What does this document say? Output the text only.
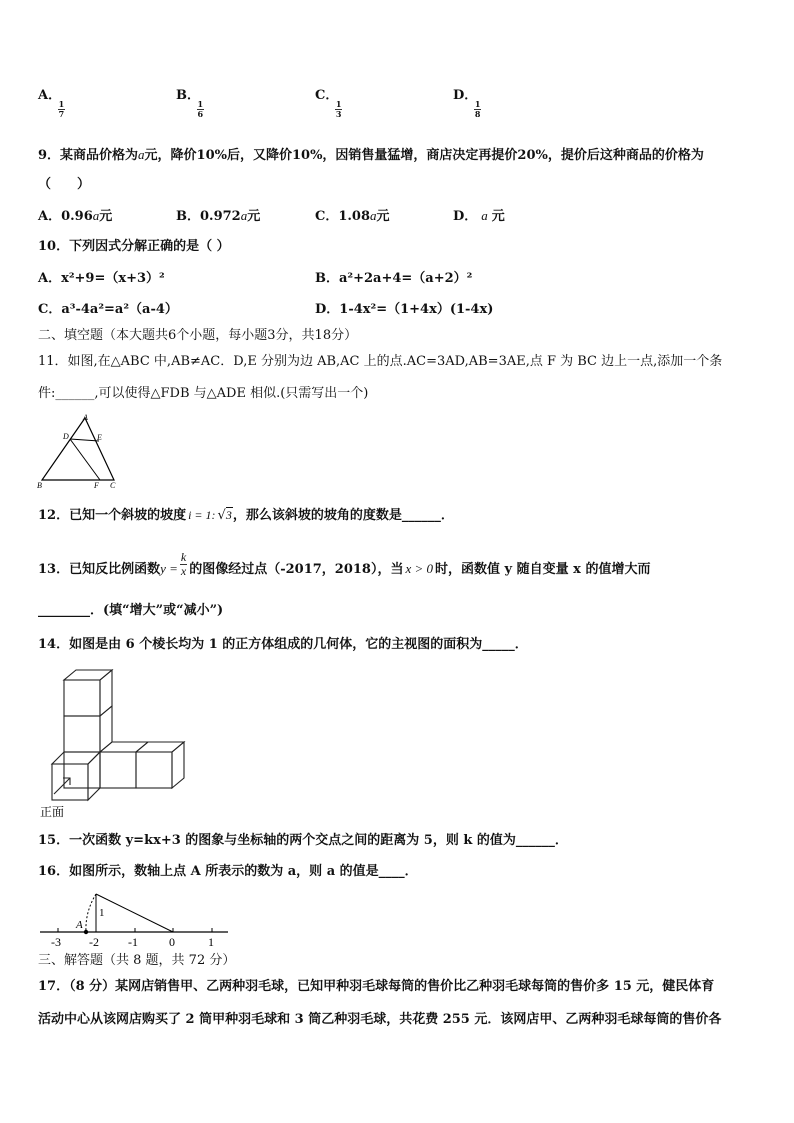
A．
$\frac{1}{7}$
B．
$\frac{1}{6}$
C．
$\frac{1}{3}$
D．
$\frac{1}{8}$
9．某商品价格为a元，降价10%后，又降价10%，因销售量猛增，商店决定再提价20%，提价后这种商品的价格为
（　　）
A．0.96a元	B．0.972a元	C．1.08a元	D． a 元
10．下列因式分解正确的是（ ）
A．x²+9=（x+3）²	B．a²+2a+4=（a+2）²
C．a³-4a²=a²（a-4）	D．1-4x²=（1+4x）(1-4x)
二、填空题（本大题共6个小题，每小题3分，共18分）
11．如图,在△ABC 中,AB≠AC．D,E 分别为边 AB,AC 上的点.AC=3AD,AB=3AE,点 F 为 BC 边上一点,添加一个条
件:______,可以使得△FDB 与△ADE 相似.(只需写出一个)
A
D	E
B	F C
12．已知一个斜坡的坡度 i = 1: √3，那么该斜坡的坡角的度数是______．
13．已知反比例函数$y = \frac{k}{x}$ 的图像经过点（-2017，2018），当 x > 0 时，函数值 y 随自变量 x 的值增大而
________．(填“增大”或“减小”)
14．如图是由 6 个棱长均为 1 的正方体组成的几何体，它的主视图的面积为_____．
正面
15．一次函数 y=kx+3 的图象与坐标轴的两个交点之间的距离为 5，则 k 的值为______．
16．如图所示，数轴上点 A 所表示的数为 a，则 a 的值是____．
A
1
-3 -2 -1	0	1
三、解答题（共 8 题，共 72 分）
17．（8 分）某网店销售甲、乙两种羽毛球，已知甲种羽毛球每筒的售价比乙种羽毛球每筒的售价多 15 元，健民体育
活动中心从该网店购买了 2 筒甲种羽毛球和 3 筒乙种羽毛球，共花费 255 元．该网店甲、乙两种羽毛球每筒的售价各
